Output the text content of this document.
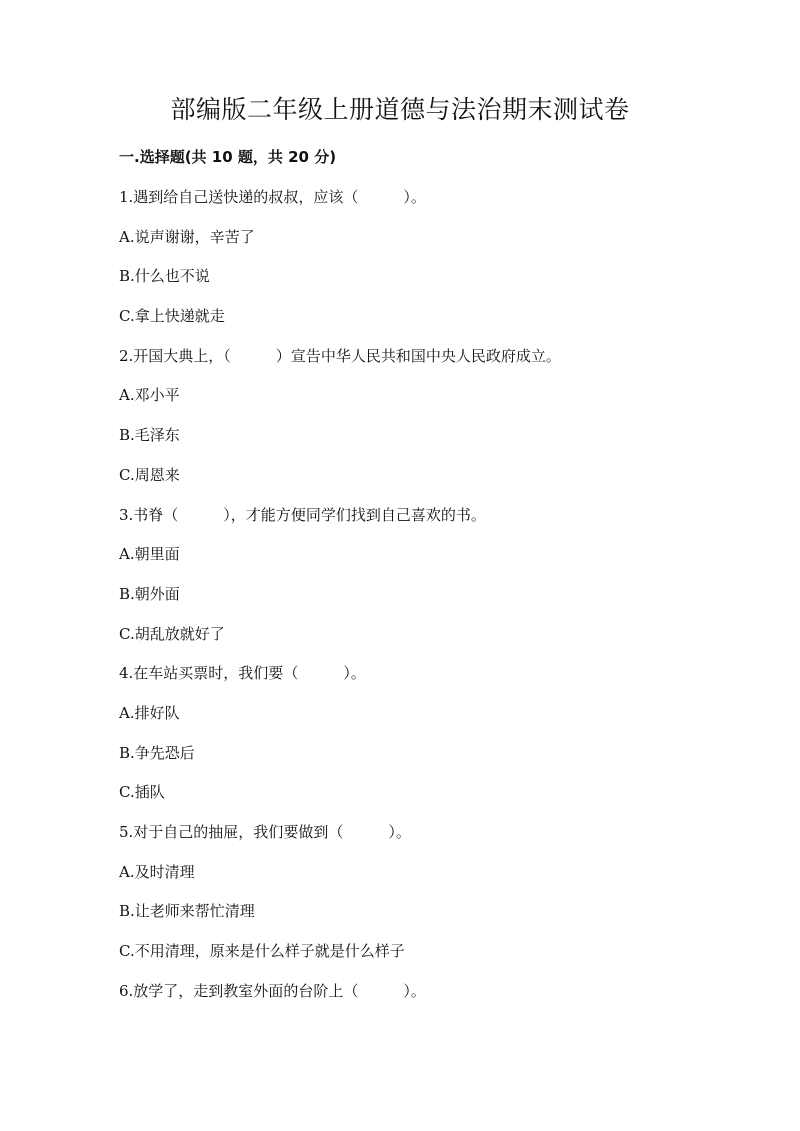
部编版二年级上册道德与法治期末测试卷
一.选择题(共 10 题，共 20 分)
1.遇到给自己送快递的叔叔，应该（　　　）。
A.说声谢谢，辛苦了
B.什么也不说
C.拿上快递就走
2.开国大典上，（　　　）宣告中华人民共和国中央人民政府成立。
A.邓小平
B.毛泽东
C.周恩来
3.书脊（　　　），才能方便同学们找到自己喜欢的书。
A.朝里面
B.朝外面
C.胡乱放就好了
4.在车站买票时，我们要（　　　）。
A.排好队
B.争先恐后
C.插队
5.对于自己的抽屉，我们要做到（　　　）。
A.及时清理
B.让老师来帮忙清理
C.不用清理，原来是什么样子就是什么样子
6.放学了，走到教室外面的台阶上（　　　）。
